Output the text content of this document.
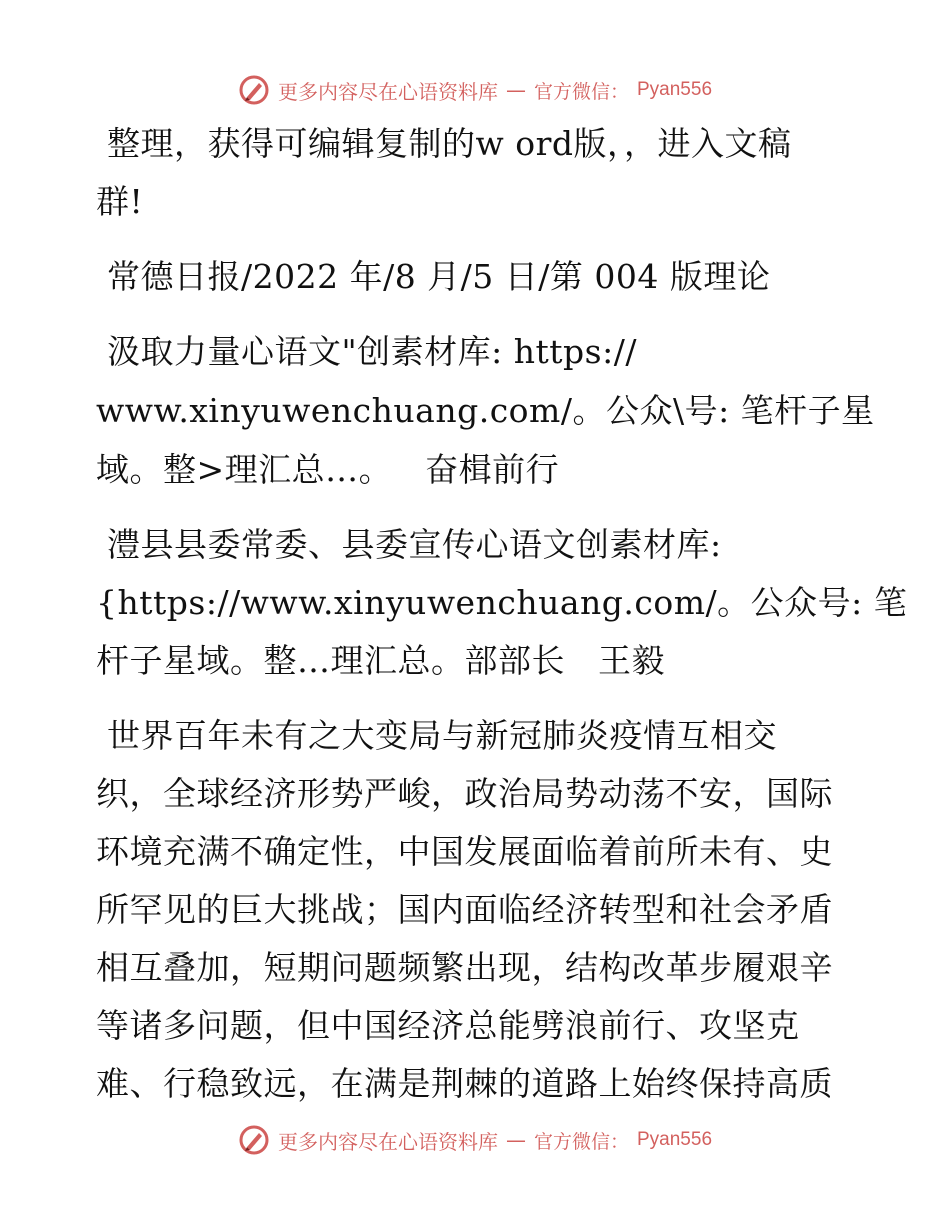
更多内容尽在心语资料库 — 官方微信： Pyan556
整理，获得可编辑复制的w ord版，，进入文稿
群!
常德日报/2022 年/8 月/5 日/第 004 版理论
汲取力量心语文"创素材库: https://
www.xinyuwenchuang.com/。公众\号: 笔杆子星
域。整>理汇总…。   奋楫前行
澧县县委常委、县委宣传心语文创素材库:
{https://www.xinyuwenchuang.com/。公众号: 笔
杆子星域。整…理汇总。部部长   王毅
世界百年未有之大变局与新冠肺炎疫情互相交
织，全球经济形势严峻，政治局势动荡不安，国际
环境充满不确定性，中国发展面临着前所未有、史
所罕见的巨大挑战；国内面临经济转型和社会矛盾
相互叠加，短期问题频繁出现，结构改革步履艰辛
等诸多问题，但中国经济总能劈浪前行、攻坚克
难、行稳致远，在满是荆棘的道路上始终保持高质
更多内容尽在心语资料库 — 官方微信： Pyan556
